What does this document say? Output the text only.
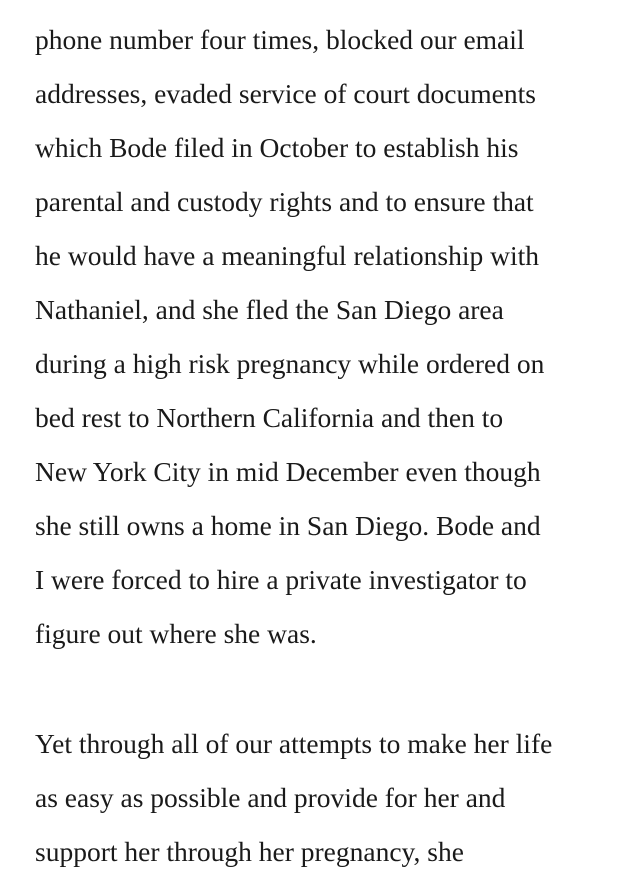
phone number four times, blocked our email
addresses, evaded service of court documents
which Bode filed in October to establish his
parental and custody rights and to ensure that
he would have a meaningful relationship with
Nathaniel, and she fled the San Diego area
during a high risk pregnancy while ordered on
bed rest to Northern California and then to
New York City in mid December even though
she still owns a home in San Diego. Bode and
I were forced to hire a private investigator to
figure out where she was.
Yet through all of our attempts to make her life
as easy as possible and provide for her and
support her through her pregnancy, she
